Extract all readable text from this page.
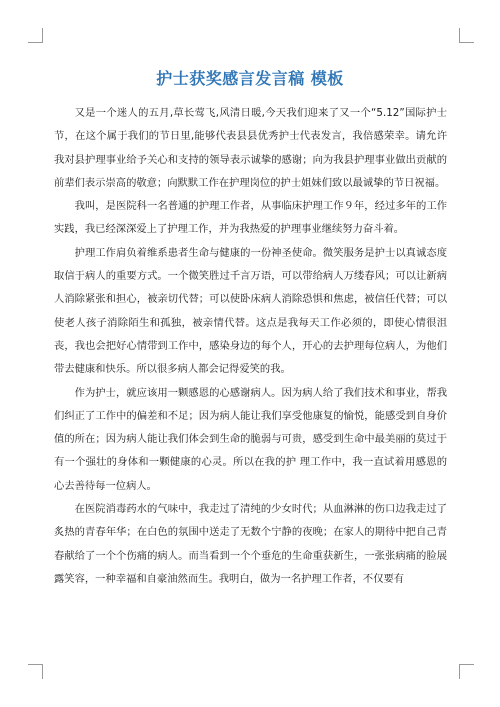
护士获奖感言发言稿 模板

又是一个迷人的五月,草长莺飞,风清日暖,今天我们迎来了又一个“5.12”国际护士节，在这个属于我们的节日里,能够代表县县优秀护士代表发言，我倍感荣幸。请允许我对县护理事业给予关心和支持的领导表示诚挚的感谢；向为我县护理事业做出贡献的前辈们表示崇高的敬意；向默默工作在护理岗位的护士姐妹们致以最诚挚的节日祝福。

我叫，是医院科一名普通的护理工作者，从事临床护理工作９年，经过多年的工作实践，我已经深深爱上了护理工作，并为我热爱的护理事业继续努力奋斗着。

护理工作肩负着维系患者生命与健康的一份神圣使命。微笑服务是护士以真诚态度取信于病人的重要方式。一个微笑胜过千言万语，可以带给病人万缕春风；可以让新病人消除紧张和担心，被亲切代替；可以使卧床病人消除恐惧和焦虑，被信任代替；可以使老人孩子消除陌生和孤独，被亲情代替。这点是我每天工作必须的，即使心情很沮丧，我也会把好心情带到工作中，感染身边的每个人，开心的去护理每位病人，为他们带去健康和快乐。所以很多病人都会记得爱笑的我。

作为护士，就应该用一颗感恩的心感谢病人。因为病人给了我们技术和事业，帮我们纠正了工作中的偏差和不足；因为病人能让我们享受他康复的愉悦，能感受到自身价值的所在；因为病人能让我们体会到生命的脆弱与可贵，感受到生命中最美丽的莫过于有一个强壮的身体和一颗健康的心灵。所以在我的护 理工作中，我一直试着用感恩的心去善待每一位病人。

在医院消毒药水的气味中，我走过了清纯的少女时代；从血淋淋的伤口边我走过了炙热的青春年华；在白色的氛围中送走了无数个宁静的夜晚；在家人的期待中把自己青春献给了一个个伤痛的病人。而当看到一个个垂危的生命重获新生，一张张病痛的脸展露笑容，一种幸福和自豪油然而生。我明白，做为一名护理工作者，不仅要有
